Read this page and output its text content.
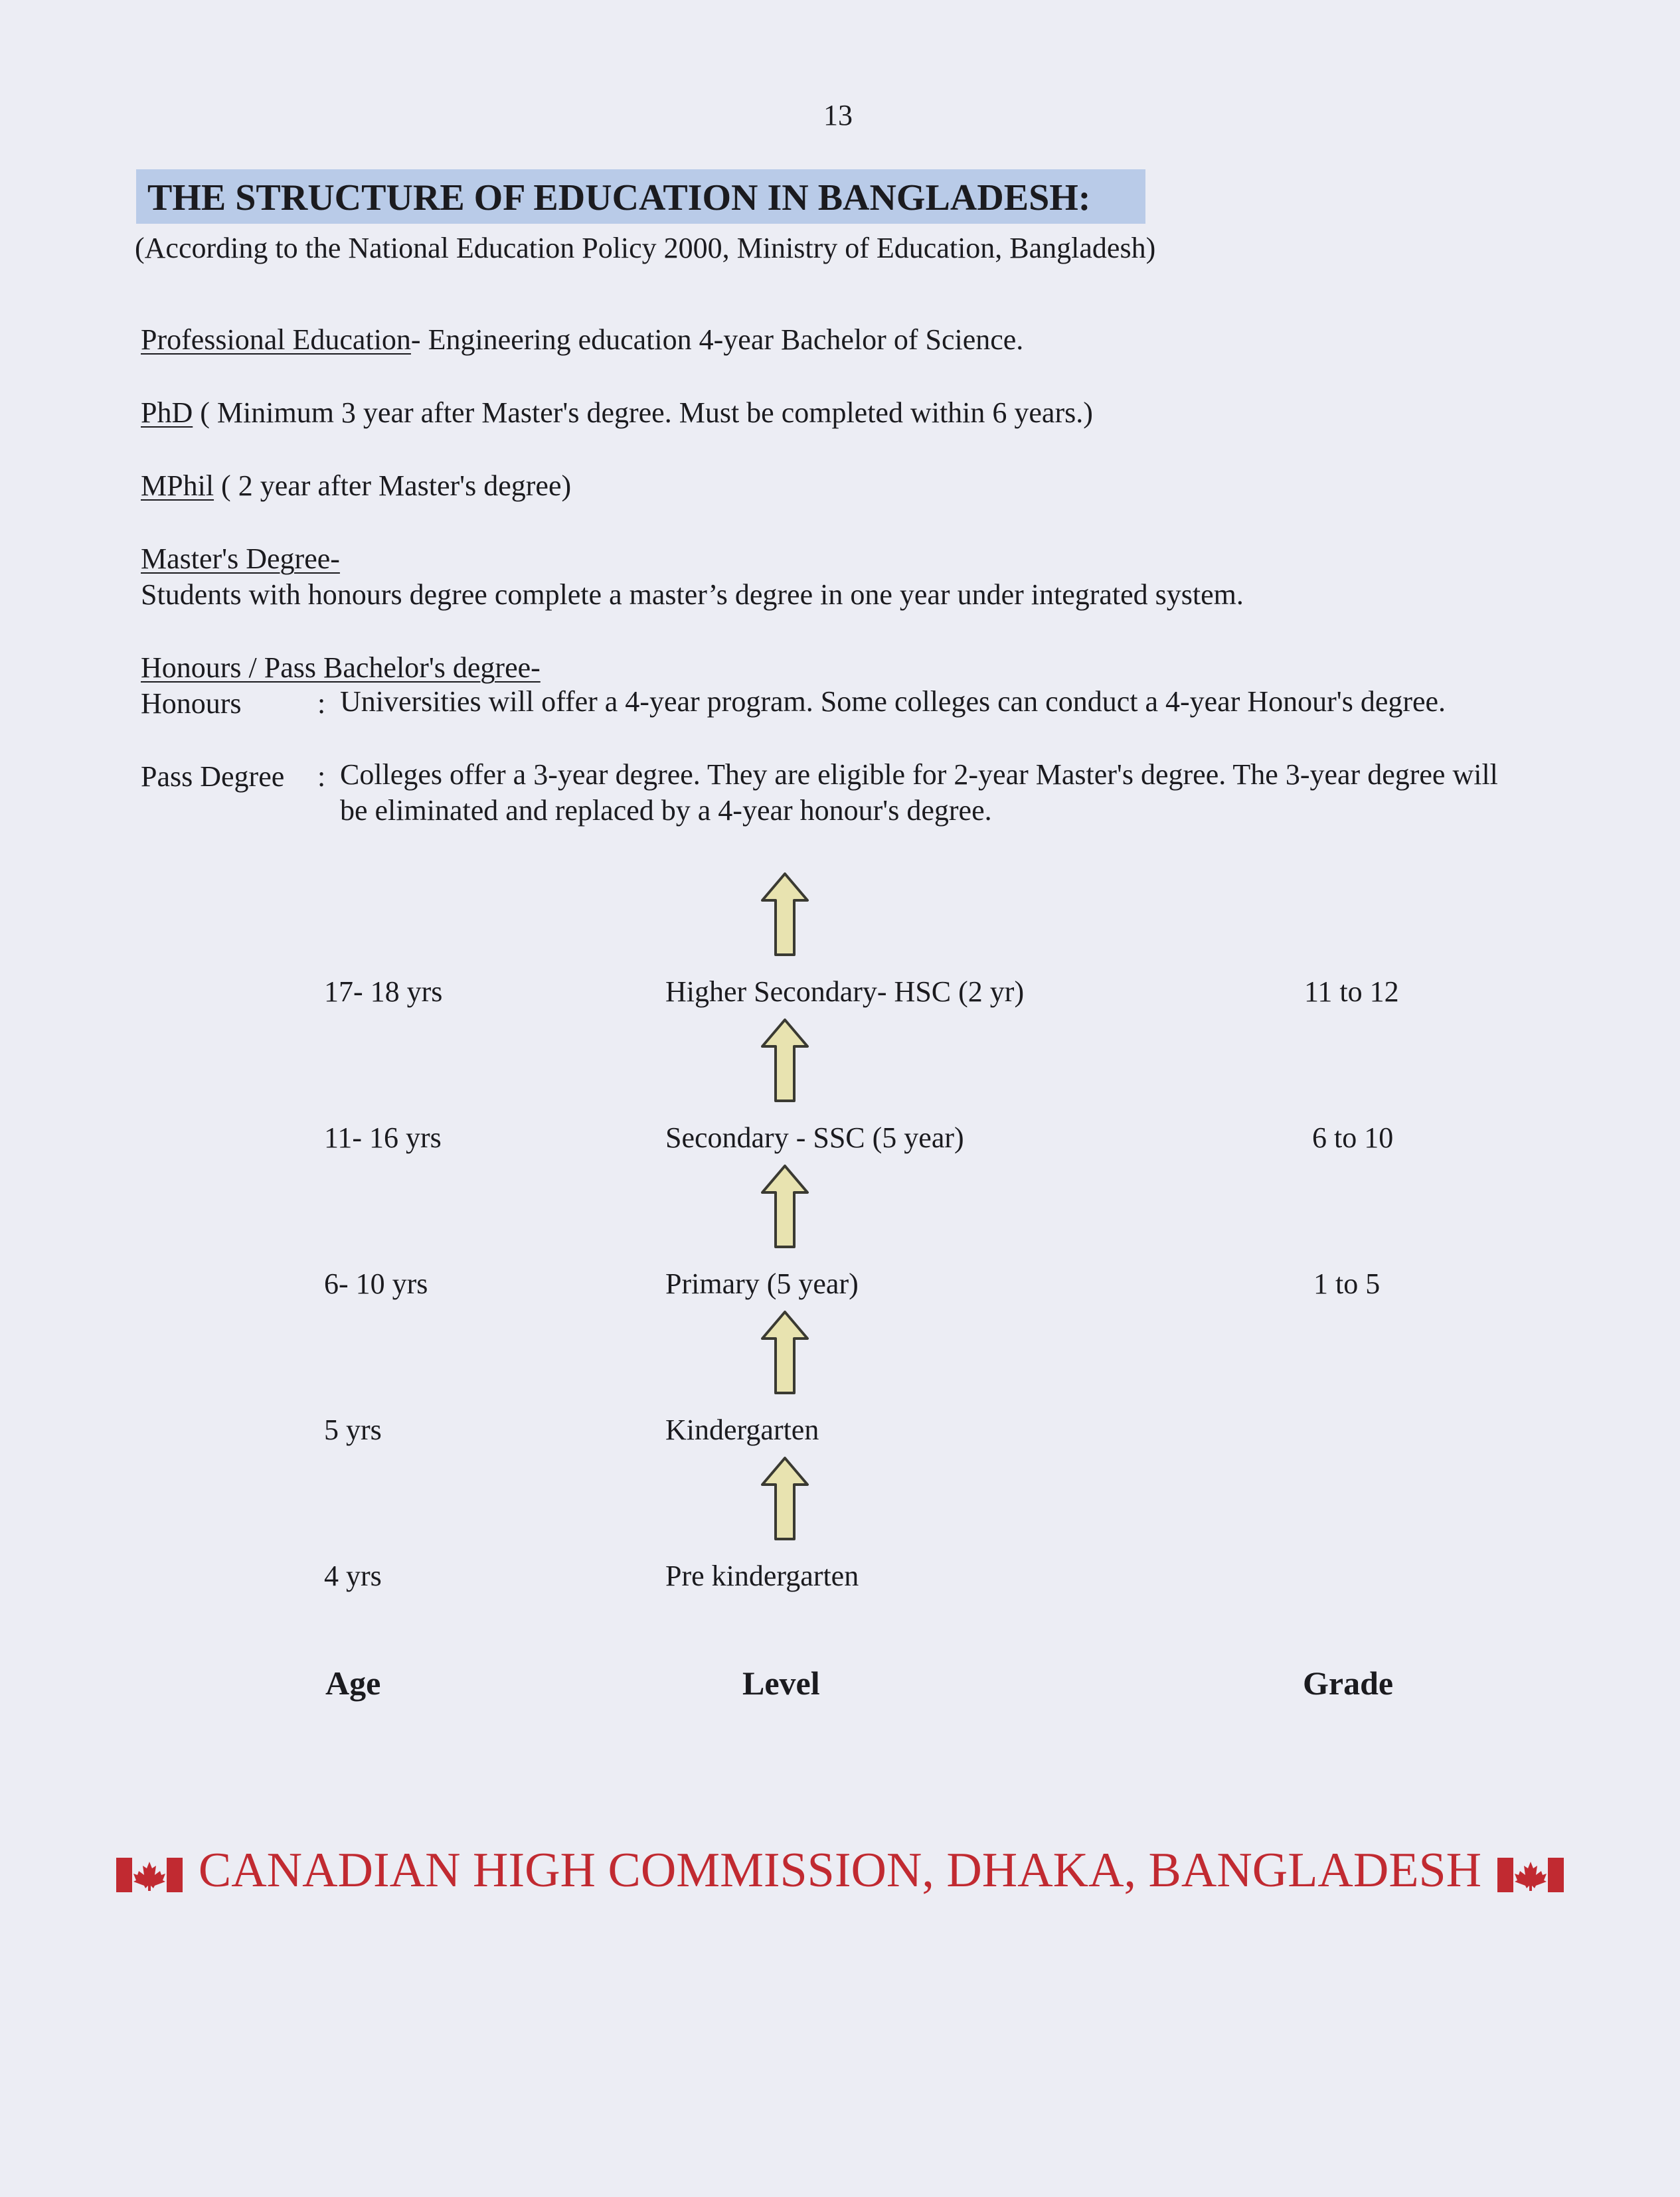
13
THE STRUCTURE OF EDUCATION IN BANGLADESH:
(According to the National Education Policy 2000, Ministry of Education, Bangladesh)
Professional Education- Engineering education 4-year Bachelor of Science.
PhD ( Minimum 3 year after Master's degree. Must be completed within 6 years.)
MPhil ( 2 year after Master's degree)
Master's Degree-
Students with honours degree complete a master’s degree in one year under integrated system.
Honours / Pass Bachelor's degree-
Honours	: Universities will offer a 4-year program. Some colleges can conduct a 4-year Honour's degree.
Pass Degree : Colleges offer a 3-year degree. They are eligible for 2-year Master's degree. The 3-year degree will be eliminated and replaced by a 4-year honour's degree.
17- 18 yrs	Higher Secondary- HSC (2 yr)	11 to 12
11- 16 yrs	Secondary - SSC (5 year)	6 to 10
6- 10 yrs	Primary (5 year)	1 to 5
5 yrs	Kindergarten
4 yrs	Pre kindergarten
Age	Level	Grade
CANADIAN HIGH COMMISSION, DHAKA, BANGLADESH
